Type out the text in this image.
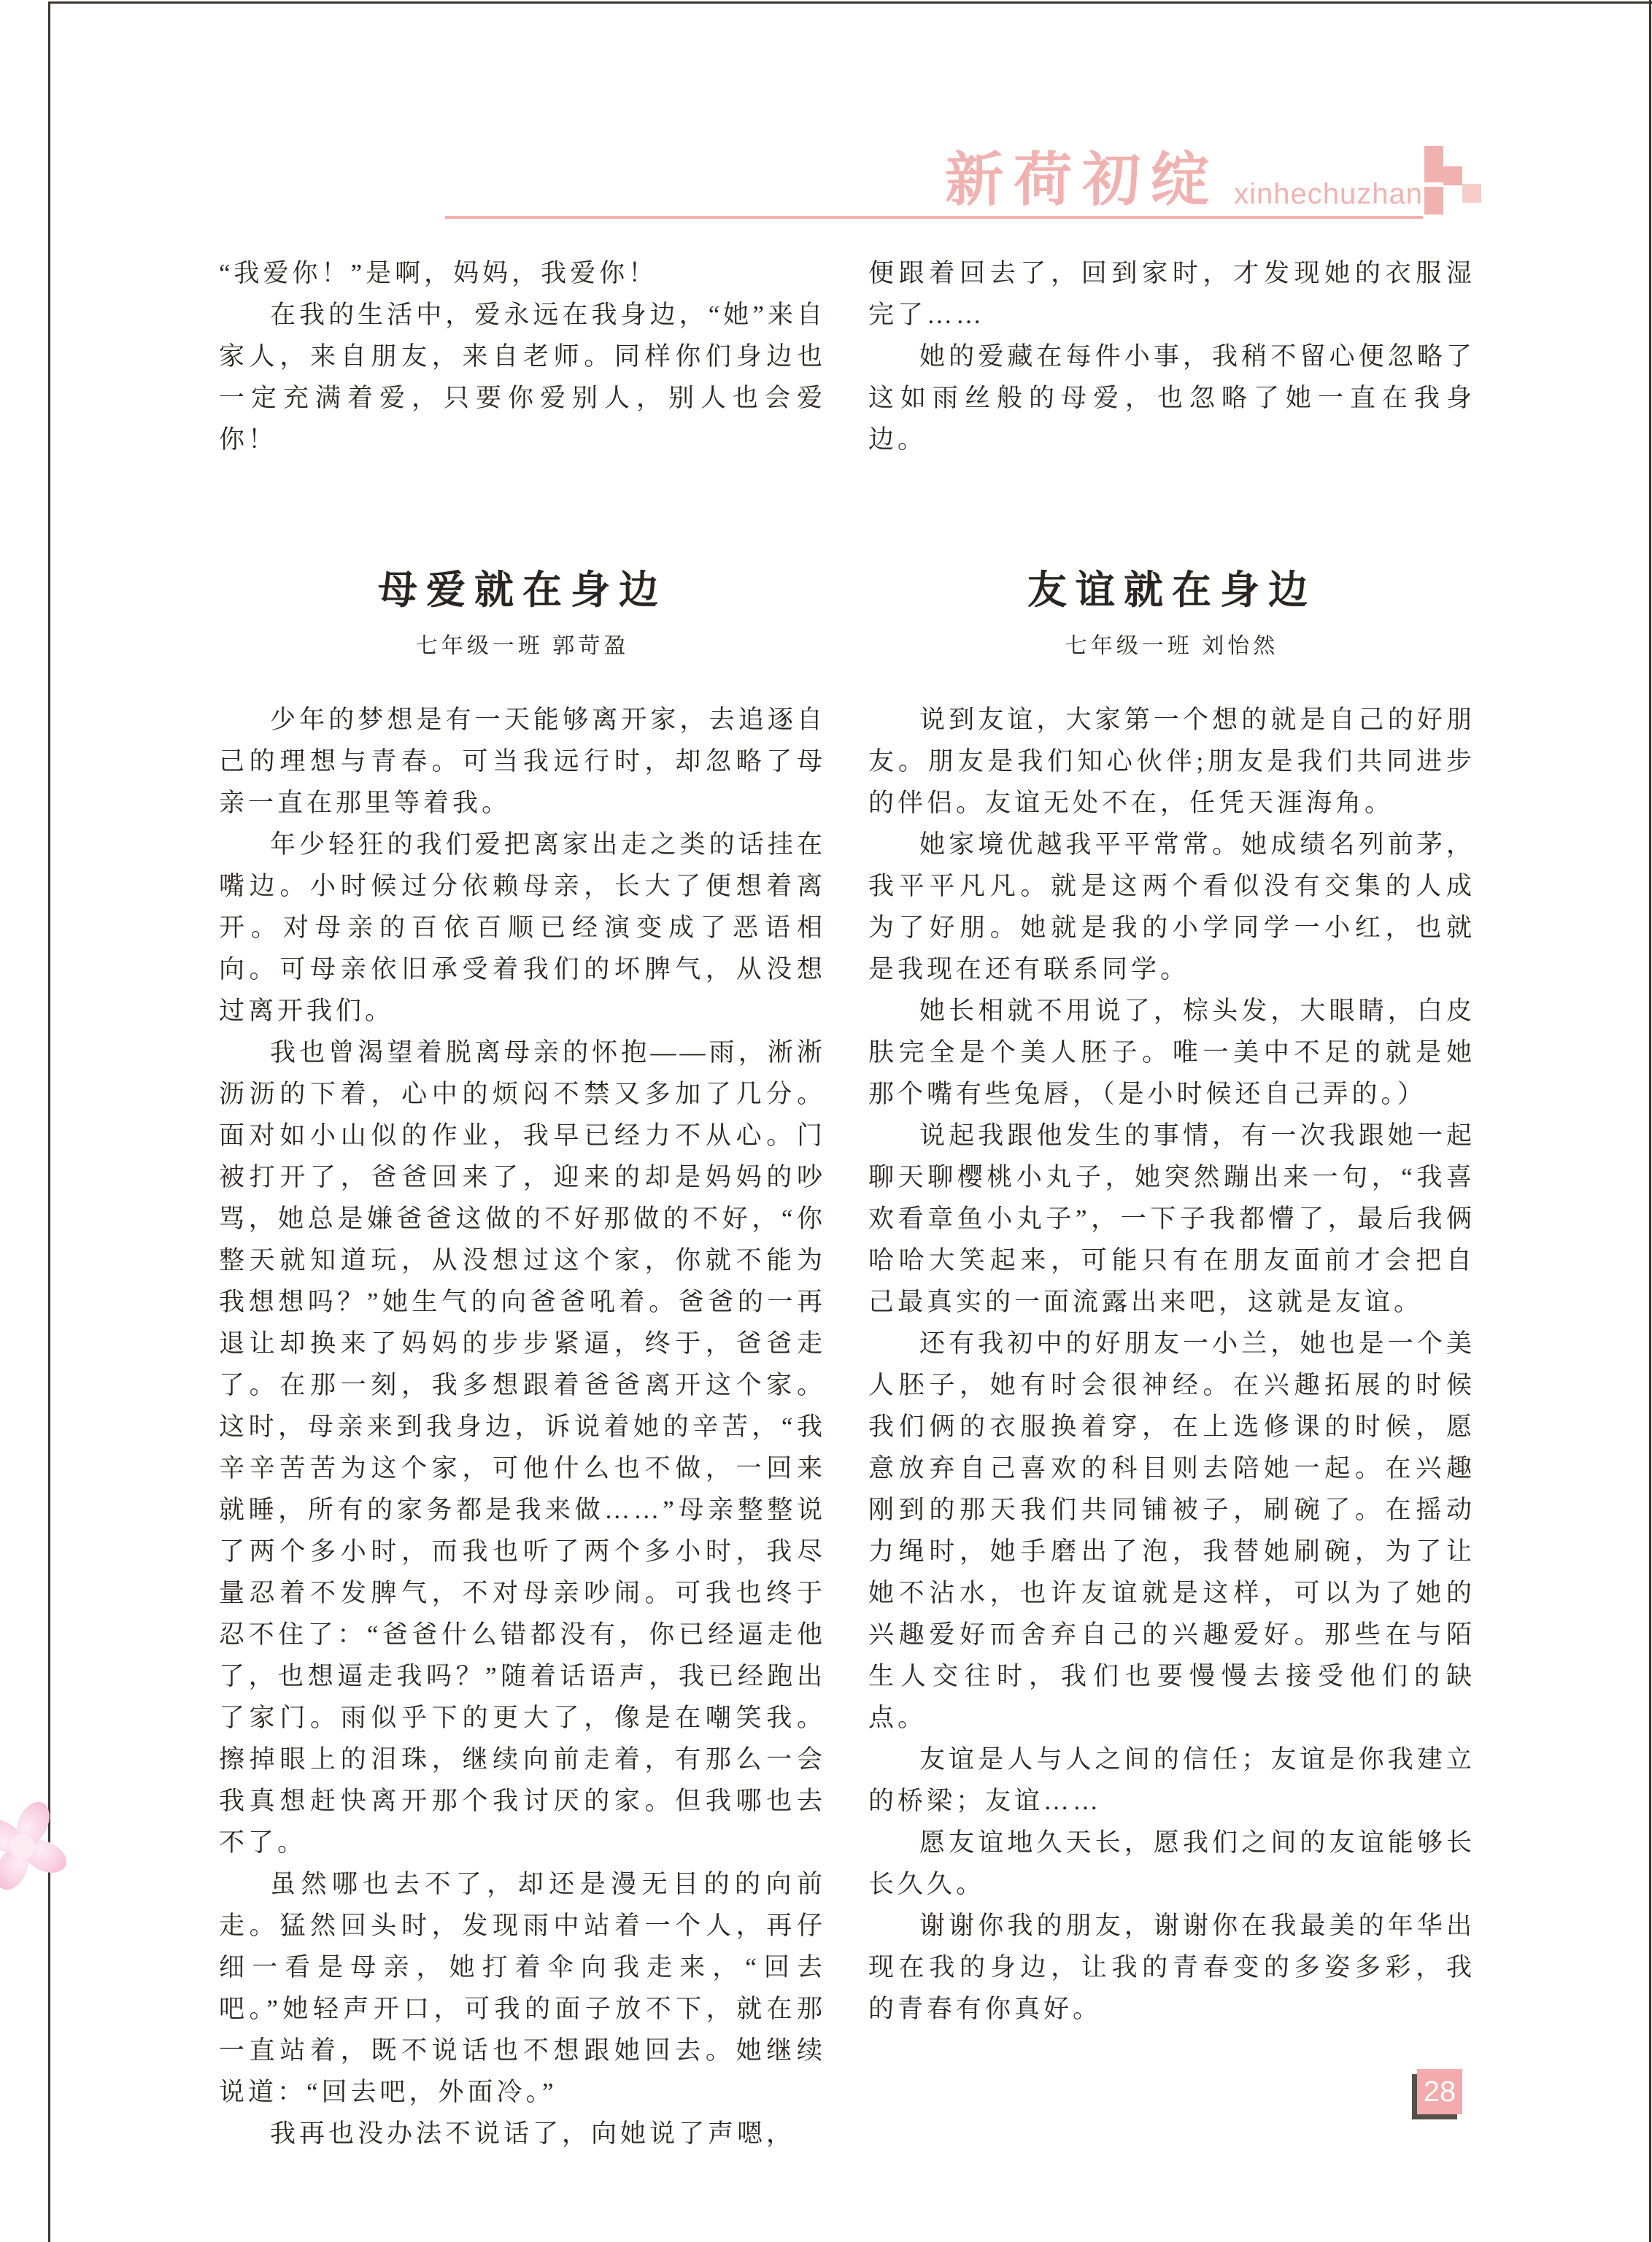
新荷初绽 xinhechuzhan

“我爱你！”是啊，妈妈，我爱你！

在我的生活中，爱永远在我身边，“她”来自家人，来自朋友，来自老师。同样你们身边也一定充满着爱，只要你爱别人，别人也会爱你！

便跟着回去了，回到家时，才发现她的衣服湿完了……

她的爱藏在每件小事，我稍不留心便忽略了这如雨丝般的母爱，也忽略了她一直在我身边。

母爱就在身边
七年级一班 郭苛盈

少年的梦想是有一天能够离开家，去追逐自己的理想与青春。可当我远行时，却忽略了母亲一直在那里等着我。

年少轻狂的我们爱把离家出走之类的话挂在嘴边。小时候过分依赖母亲，长大了便想着离开。对母亲的百依百顺已经演变成了恶语相向。可母亲依旧承受着我们的坏脾气，从没想过离开我们。

我也曾渴望着脱离母亲的怀抱——雨，淅淅沥沥的下着，心中的烦闷不禁又多加了几分。面对如小山似的作业，我早已经力不从心。门被打开了，爸爸回来了，迎来的却是妈妈的吵骂，她总是嫌爸爸这做的不好那做的不好，“你整天就知道玩，从没想过这个家，你就不能为我想想吗？”她生气的向爸爸吼着。爸爸的一再退让却换来了妈妈的步步紧逼，终于，爸爸走了。在那一刻，我多想跟着爸爸离开这个家。这时，母亲来到我身边，诉说着她的辛苦，“我辛辛苦苦为这个家，可他什么也不做，一回来就睡，所有的家务都是我来做……”母亲整整说了两个多小时，而我也听了两个多小时，我尽量忍着不发脾气，不对母亲吵闹。可我也终于忍不住了：“爸爸什么错都没有，你已经逼走他了，也想逼走我吗？”随着话语声，我已经跑出了家门。雨似乎下的更大了，像是在嘲笑我。擦掉眼上的泪珠，继续向前走着，有那么一会我真想赶快离开那个我讨厌的家。但我哪也去不了。

虽然哪也去不了，却还是漫无目的的向前走。猛然回头时，发现雨中站着一个人，再仔细一看是母亲，她打着伞向我走来，“回去吧。”她轻声开口，可我的面子放不下，就在那一直站着，既不说话也不想跟她回去。她继续说道：“回去吧，外面冷。”

我再也没办法不说话了，向她说了声嗯，

友谊就在身边
七年级一班 刘怡然

说到友谊，大家第一个想的就是自己的好朋友。朋友是我们知心伙伴;朋友是我们共同进步的伴侣。友谊无处不在，任凭天涯海角。

她家境优越我平平常常。她成绩名列前茅，我平平凡凡。就是这两个看似没有交集的人成为了好朋。她就是我的小学同学一小红，也就是我现在还有联系同学。

她长相就不用说了，棕头发，大眼睛，白皮肤完全是个美人胚子。唯一美中不足的就是她那个嘴有些兔唇，（是小时候还自己弄的。）

说起我跟他发生的事情，有一次我跟她一起聊天聊樱桃小丸子，她突然蹦出来一句，“我喜欢看章鱼小丸子”，一下子我都懵了，最后我俩哈哈大笑起来，可能只有在朋友面前才会把自己最真实的一面流露出来吧，这就是友谊。

还有我初中的好朋友一小兰，她也是一个美人胚子，她有时会很神经。在兴趣拓展的时候我们俩的衣服换着穿，在上选修课的时候，愿意放弃自己喜欢的科目则去陪她一起。在兴趣刚到的那天我们共同铺被子，刷碗了。在摇动力绳时，她手磨出了泡，我替她刷碗，为了让她不沾水，也许友谊就是这样，可以为了她的兴趣爱好而舍弃自己的兴趣爱好。那些在与陌生人交往时，我们也要慢慢去接受他们的缺点。

友谊是人与人之间的信任；友谊是你我建立的桥梁；友谊……

愿友谊地久天长，愿我们之间的友谊能够长长久久。

谢谢你我的朋友，谢谢你在我最美的年华出现在我的身边，让我的青春变的多姿多彩，我的青春有你真好。

28
